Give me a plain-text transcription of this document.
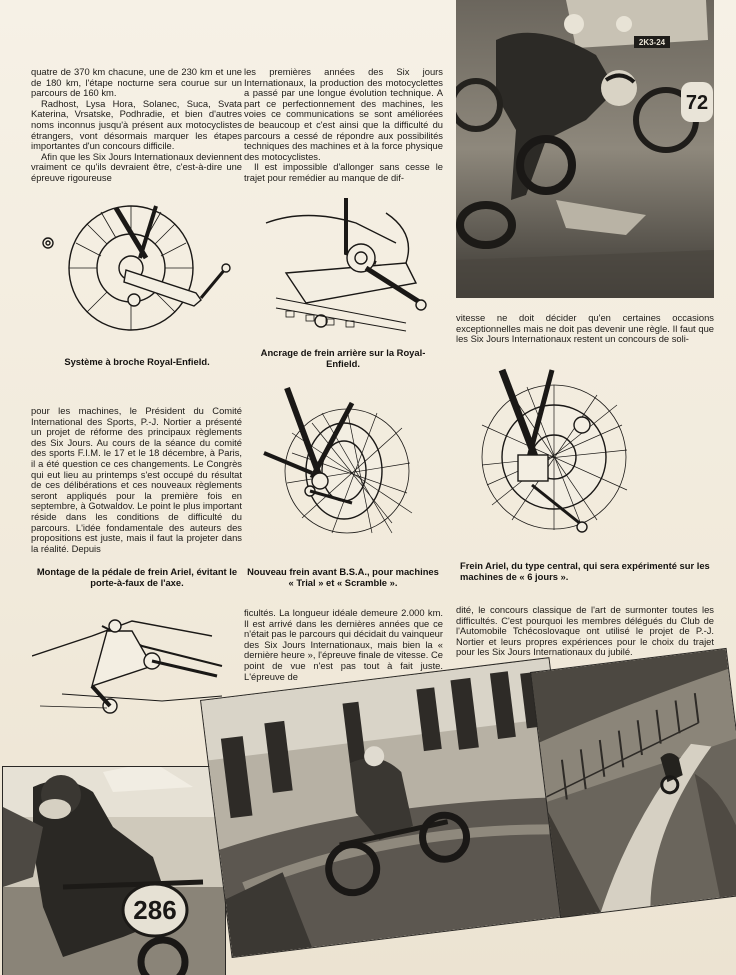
quatre de 370 km chacune, une de 230 km et une de 180 km, l'étape nocturne sera courue sur un parcours de 160 km.

Radhost, Lysa Hora, Solanec, Suca, Svata Katerina, Vrsatske, Podhradie, et bien d'autres noms inconnus jusqu'à présent aux motocyclistes étrangers, vont désormais marquer les étapes importantes d'un concours difficile.

Afin que les Six Jours Internationaux deviennent vraiment ce qu'ils devraient être, c'est-à-dire une épreuve rigoureuse

les premières années des Six jours Internationaux, la production des motocyclettes a passé par une longue évolution technique. A part ce perfectionnement des machines, les voies ce communications se sont améliorées de beaucoup et c'est ainsi que la difficulté du parcours a cessé de répondre aux possibilités techniques des machines et à la force physique des motocyclistes.

Il est impossible d'allonger sans cesse le trajet pour remédier au manque de dif-

2K3-24
72

Système à broche Royal-Enfield.

Ancrage de frein arrière sur la Royal-Enfield.

vitesse ne doit décider qu'en certaines occasions exceptionnelles mais ne doit pas devenir une règle. Il faut que les Six Jours Internationaux restent un concours de soli-

pour les machines, le Président du Comité International des Sports, P.-J. Nortier a présenté un projet de réforme des principaux règlements des Six Jours. Au cours de la séance du comité des sports F.I.M. le 17 et le 18 décembre, à Paris, il a été question ce ces changements. Le Congrès qui eut lieu au printemps s'est occupé du résultat de ces délibérations et ces nouveaux règlements seront appliqués pour la première fois en septembre, à Gotwaldov. Le point le plus important réside dans les conditions de difficulté du parcours. L'idée fondamentale des auteurs des propositions est juste, mais il faut la projeter dans la réalité. Depuis

Montage de la pédale de frein Ariel, évitant le porte-à-faux de l'axe.

Nouveau frein avant B.S.A., pour machines « Trial » et « Scramble ».

Frein Ariel, du type central, qui sera expérimenté sur les machines de « 6 jours ».

ficultés. La longueur idéale demeure 2.000 km. Il est arrivé dans les dernières années que ce n'était pas le parcours qui décidait du vainqueur des Six Jours Internationaux, mais bien la « dernière heure », l'épreuve finale de vitesse. Ce point de vue n'est pas tout à fait juste. L'épreuve de

dité, le concours classique de l'art de surmonter toutes les difficultés. C'est pourquoi les membres délégués du Club de l'Automobile Tchécoslovaque ont utilisé le projet de P.-J. Nortier et leurs propres expériences pour le choix du trajet pour les Six Jours Internationaux du jubilé.

286
